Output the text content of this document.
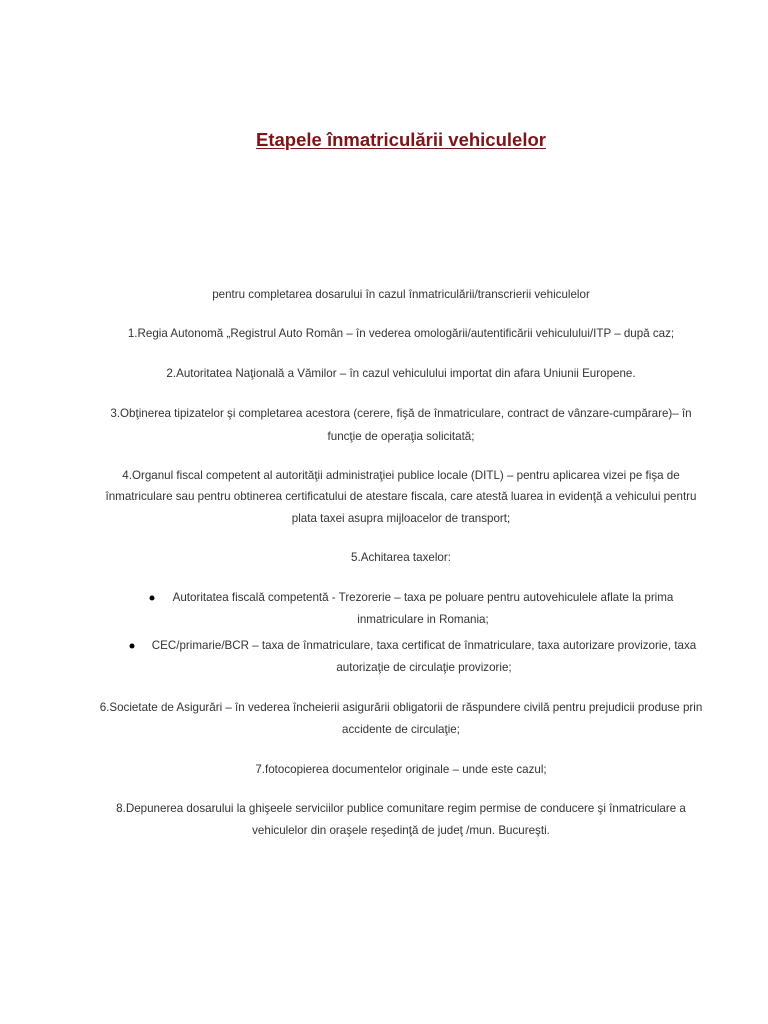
Etapele înmatriculării vehiculelor
pentru completarea dosarului în cazul înmatriculării/transcrierii vehiculelor
1.Regia Autonomă „Registrul Auto Român – în vederea omologării/autentificării vehiculului/ITP – după caz;
2.Autoritatea Naţională a Vămilor – în cazul vehiculului importat din afara Uniunii Europene.
3.Obţinerea tipizatelor şi completarea acestora (cerere, fişă de înmatriculare, contract de vânzare-cumpărare)– în
funcţie de operaţia solicitată;
4.Organul fiscal competent al autorităţii administraţiei publice locale (DITL) – pentru aplicarea vizei pe fişa de
înmatriculare sau pentru obtinerea certificatului de atestare fiscala, care atestă luarea in evidenţă a vehicului pentru
plata taxei asupra mijloacelor de transport;
5.Achitarea taxelor:
Autoritatea fiscală competentă - Trezorerie – taxa pe poluare pentru autovehiculele aflate la prima
inmatriculare in Romania;
CEC/primarie/BCR – taxa de înmatriculare, taxa certificat de înmatriculare, taxa autorizare provizorie, taxa
autorizaţie de circulaţie provizorie;
6.Societate de Asigurări – în vederea încheierii asigurării obligatorii de răspundere civilă pentru prejudicii produse prin
accidente de circulaţie;
7.fotocopierea documentelor originale – unde este cazul;
8.Depunerea dosarului la ghişeele serviciilor publice comunitare regim permise de conducere şi înmatriculare a
vehiculelor din oraşele reşedinţă de judeţ /mun. Bucureşti.
